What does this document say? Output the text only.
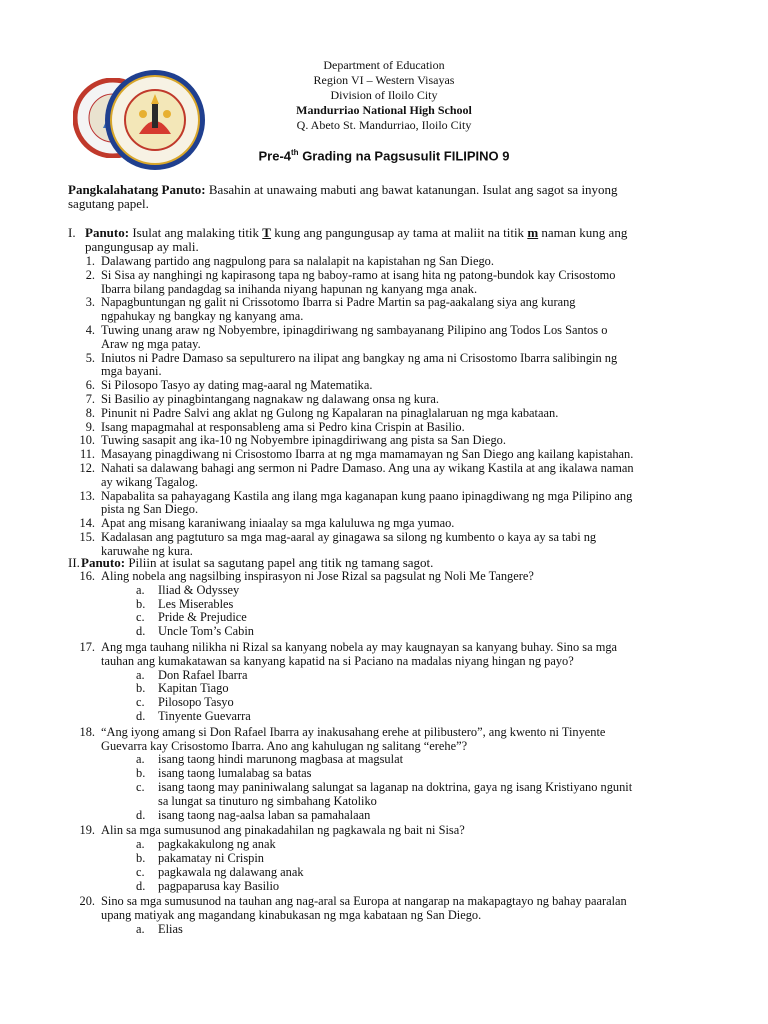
Department of Education
Region VI – Western Visayas
Division of Iloilo City
Mandurriao National High School
Q. Abeto St. Mandurriao, Iloilo City
Pre-4th Grading na Pagsusulit FILIPINO 9
Pangkalahatang Panuto: Basahin at unawaing mabuti ang bawat katanungan. Isulat ang sagot sa inyong
sagutang papel.
I. Panuto: Isulat ang malaking titik T kung ang pangungusap ay tama at maliit na titik m naman kung ang
pangungusap ay mali.
1. Dalawang partido ang nagpulong para sa nalalapit na kapistahan ng San Diego.
2. Si Sisa ay nanghingi ng kapirasong tapa ng baboy-ramo at isang hita ng patong-bundok kay Crisostomo
Ibarra bilang pandagdag sa inihanda niyang hapunan ng kanyang mga anak.
3. Napagbuntungan ng galit ni Crissotomo Ibarra si Padre Martin sa pag-aakalang siya ang kurang
ngpahukay ng bangkay ng kanyang ama.
4. Tuwing unang araw ng Nobyembre, ipinagdiriwang ng sambayanang Pilipino ang Todos Los Santos o
Araw ng mga patay.
5. Iniutos ni Padre Damaso sa sepulturero na ilipat ang bangkay ng ama ni Crisostomo Ibarra salibingin ng
mga bayani.
6. Si Pilosopo Tasyo ay dating mag-aaral ng Matematika.
7. Si Basilio ay pinagbintangang nagnakaw ng dalawang onsa ng kura.
8. Pinunit ni Padre Salvi ang aklat ng Gulong ng Kapalaran na pinaglalaruan ng mga kabataan.
9. Isang mapagmahal at responsableng ama si Pedro kina Crispin at Basilio.
10. Tuwing sasapit ang ika-10 ng Nobyembre ipinagdiriwang ang pista sa San Diego.
11. Masayang pinagdiwang ni Crisostomo Ibarra at ng mga mamamayan ng San Diego ang kailang kapistahan.
12. Nahati sa dalawang bahagi ang sermon ni Padre Damaso. Ang una ay wikang Kastila at ang ikalawa naman
ay wikang Tagalog.
13. Napabalita sa pahayagang Kastila ang ilang mga kaganapan kung paano ipinagdiwang ng mga Pilipino ang
pista ng San Diego.
14. Apat ang misang karaniwang iniaalay sa mga kaluluwa ng mga yumao.
15. Kadalasan ang pagtuturo sa mga mag-aaral ay ginagawa sa silong ng kumbento o kaya ay sa tabi ng
karuwahe ng kura.
II. Panuto: Piliin at isulat sa sagutang papel ang titik ng tamang sagot.
16. Aling nobela ang nagsilbing inspirasyon ni Jose Rizal sa pagsulat ng Noli Me Tangere?
a. Iliad & Odyssey
b. Les Miserables
c. Pride & Prejudice
d. Uncle Tom’s Cabin
17. Ang mga tauhang nilikha ni Rizal sa kanyang nobela ay may kaugnayan sa kanyang buhay. Sino sa mga
tauhan ang kumakatawan sa kanyang kapatid na si Paciano na madalas niyang hingan ng payo?
a. Don Rafael Ibarra
b. Kapitan Tiago
c. Pilosopo Tasyo
d. Tinyente Guevarra
18. “Ang iyong amang si Don Rafael Ibarra ay inakusahang erehe at pilibustero”, ang kwento ni Tinyente
Guevarra kay Crisostomo Ibarra. Ano ang kahulugan ng salitang “erehe”?
a. isang taong hindi marunong magbasa at magsulat
b. isang taong lumalabag sa batas
c. isang taong may paniniwalang salungat sa laganap na doktrina, gaya ng isang Kristiyano ngunit
sa lungat sa tinuturo ng simbahang Katoliko
d. isang taong nag-aalsa laban sa pamahalaan
19. Alin sa mga sumusunod ang pinakadahilan ng pagkawala ng bait ni Sisa?
a. pagkakakulong ng anak
b. pakamatay ni Crispin
c. pagkawala ng dalawang anak
d. pagpaparusa kay Basilio
20. Sino sa mga sumusunod na tauhan ang nag-aral sa Europa at nangarap na makapagtayo ng bahay paaralan
upang matiyak ang magandang kinabukasan ng mga kabataan ng San Diego.
a. Elias
